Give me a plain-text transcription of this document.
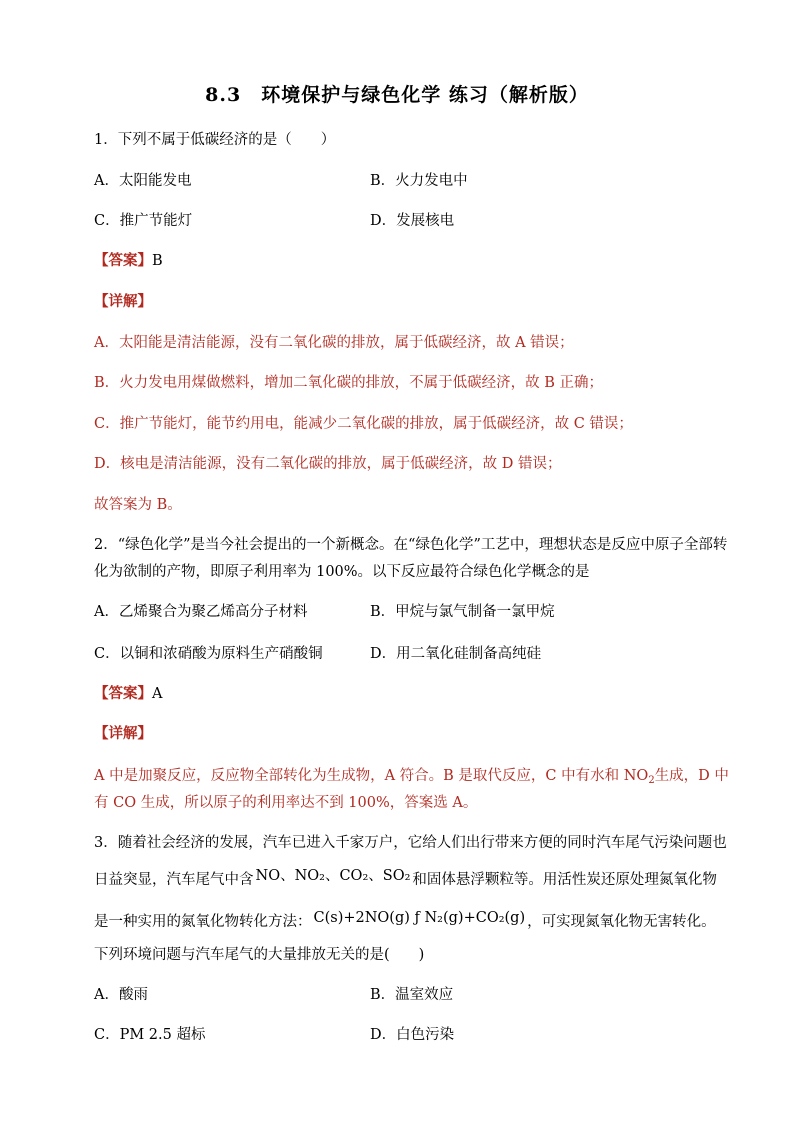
8.3　环境保护与绿色化学 练习（解析版）
1．下列不属于低碳经济的是（　　）
A．太阳能发电	B．火力发电中
C．推广节能灯	D．发展核电
【答案】B
【详解】
A．太阳能是清洁能源，没有二氧化碳的排放，属于低碳经济，故 A 错误；
B．火力发电用煤做燃料，增加二氧化碳的排放，不属于低碳经济，故 B 正确；
C．推广节能灯，能节约用电，能减少二氧化碳的排放，属于低碳经济，故 C 错误；
D．核电是清洁能源，没有二氧化碳的排放，属于低碳经济，故 D 错误；
故答案为 B。
2．“绿色化学”是当今社会提出的一个新概念。在“绿色化学”工艺中，理想状态是反应中原子全部转
化为欲制的产物，即原子利用率为 100%。以下反应最符合绿色化学概念的是
A．乙烯聚合为聚乙烯高分子材料	B．甲烷与氯气制备一氯甲烷
C．以铜和浓硝酸为原料生产硝酸铜	D．用二氧化硅制备高纯硅
【答案】A
【详解】
A 中是加聚反应，反应物全部转化为生成物，A 符合。B 是取代反应，C 中有水和 $NO_2$生成，D 中
有 CO 生成，所以原子的利用率达不到 100%，答案选 A。
3．随着社会经济的发展，汽车已进入千家万户，它给人们出行带来方便的同时汽车尾气污染问题也
日益突显，汽车尾气中含 NO、NO₂、CO₂、SO₂ 和固体悬浮颗粒等。用活性炭还原处理氮氧化物
是一种实用的氮氧化物转化方法： C(s)+2NO(g) ƒ N₂(g)+CO₂(g) ，可实现氮氧化物无害转化。
下列环境问题与汽车尾气的大量排放无关的是(　　)
A．酸雨	B．温室效应
C．PM 2.5 超标	D．白色污染
